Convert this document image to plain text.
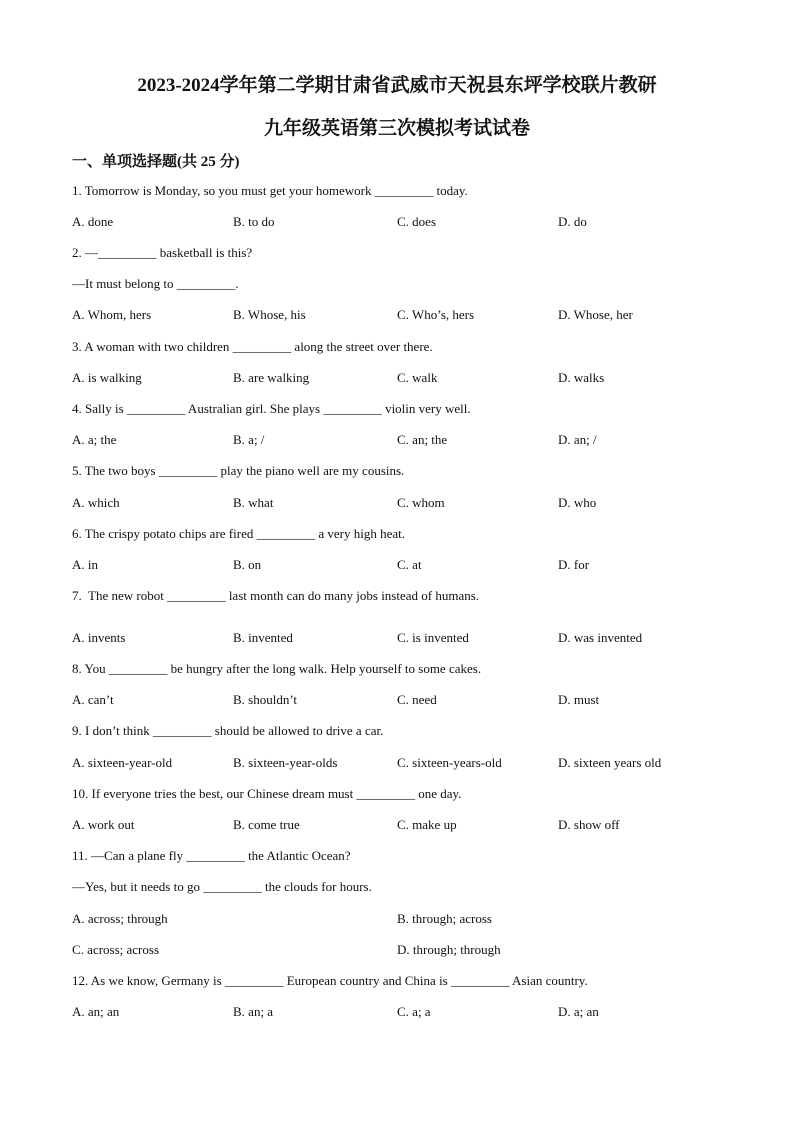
2023-2024学年第二学期甘肃省武威市天祝县东坪学校联片教研
九年级英语第三次模拟考试试卷
一、单项选择题(共 25 分)
1. Tomorrow is Monday, so you must get your homework _________ today.
A. done	B. to do	C. does	D. do
2. —_________ basketball is this?
—It must belong to _________.
A. Whom, hers	B. Whose, his	C. Who’s, hers	D. Whose, her
3. A woman with two children _________ along the street over there.
A. is walking	B. are walking	C. walk	D. walks
4. Sally is _________ Australian girl. She plays _________ violin very well.
A. a; the	B. a; /	C. an; the	D. an; /
5. The two boys _________ play the piano well are my cousins.
A. which	B. what	C. whom	D. who
6. The crispy potato chips are fired _________ a very high heat.
A. in	B. on	C. at	D. for
7.  The new robot _________ last month can do many jobs instead of humans.
A. invents	B. invented	C. is invented	D. was invented
8. You _________ be hungry after the long walk. Help yourself to some cakes.
A. can’t	B. shouldn’t	C. need	D. must
9. I don’t think _________ should be allowed to drive a car.
A. sixteen-year-old	B. sixteen-year-olds	C. sixteen-years-old	D. sixteen years old
10. If everyone tries the best, our Chinese dream must _________ one day.
A. work out	B. come true	C. make up	D. show off
11. —Can a plane fly _________ the Atlantic Ocean?
—Yes, but it needs to go _________ the clouds for hours.
A. across; through	B. through; across
C. across; across	D. through; through
12. As we know, Germany is _________ European country and China is _________ Asian country.
A. an; an	B. an; a	C. a; a	D. a; an
